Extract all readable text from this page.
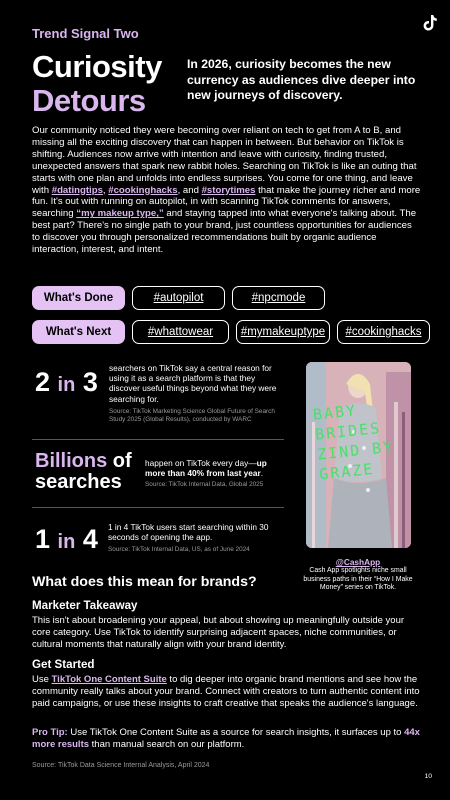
Trend Signal Two
Curiosity
Detours
In 2026, curiosity becomes the new currency as audiences dive deeper into new journeys of discovery.
Our community noticed they were becoming over reliant on tech to get from A to B, and missing all the exciting discovery that can happen in between. But behavior on TikTok is shifting. Audiences now arrive with intention and leave with curiosity, finding trusted, unexpected answers that spark new rabbit holes. Searching on TikTok is like an outing that starts with one plan and unfolds into endless surprises. You come for one thing, and leave with #datingtips, #cookinghacks, and #storytimes that make the journey richer and more fun. It's out with running on autopilot, in with scanning TikTok comments for answers, searching “my makeup type,” and staying tapped into what everyone's talking about. The best part? There's no single path to your brand, just countless opportunities for audiences to discover you through personalized recommendations built by organic audience interaction, interest, and intent.
What's Done	#autopilot	#npcmode
What's Next	#whattowear	#mymakeuptype	#cookinghacks
2 in 3 searchers on TikTok say a central reason for using it as a search platform is that they discover useful things beyond what they were searching for.
Source: TikTok Marketing Science Global Future of Search Study 2025 (Global Results), conducted by WARC
Billions of
searches
happen on TikTok every day—up more than 40% from last year.
Source: TikTok Internal Data, Global 2025
1 in 4 1 in 4 TikTok users start searching within 30 seconds of opening the app.
Source: TikTok Internal Data, US, as of June 2024
BABY BRIDES ZIND BY GRAZE
@CashApp
Cash App spotlights niche small business paths in their “How I Make Money” series on TikTok.
What does this mean for brands?
Marketer Takeaway
This isn't about broadening your appeal, but about showing up meaningfully outside your core category. Use TikTok to identify surprising adjacent spaces, niche communities, or cultural moments that naturally align with your brand identity.
Get Started
Use TikTok One Content Suite to dig deeper into organic brand mentions and see how the community really talks about your brand. Connect with creators to turn authentic content into paid campaigns, or use these insights to craft creative that speaks the audience's language.
Pro Tip: Use TikTok One Content Suite as a source for search insights, it surfaces up to 44x more results than manual search on our platform.
Source: TikTok Data Science Internal Analysis, April 2024
10
